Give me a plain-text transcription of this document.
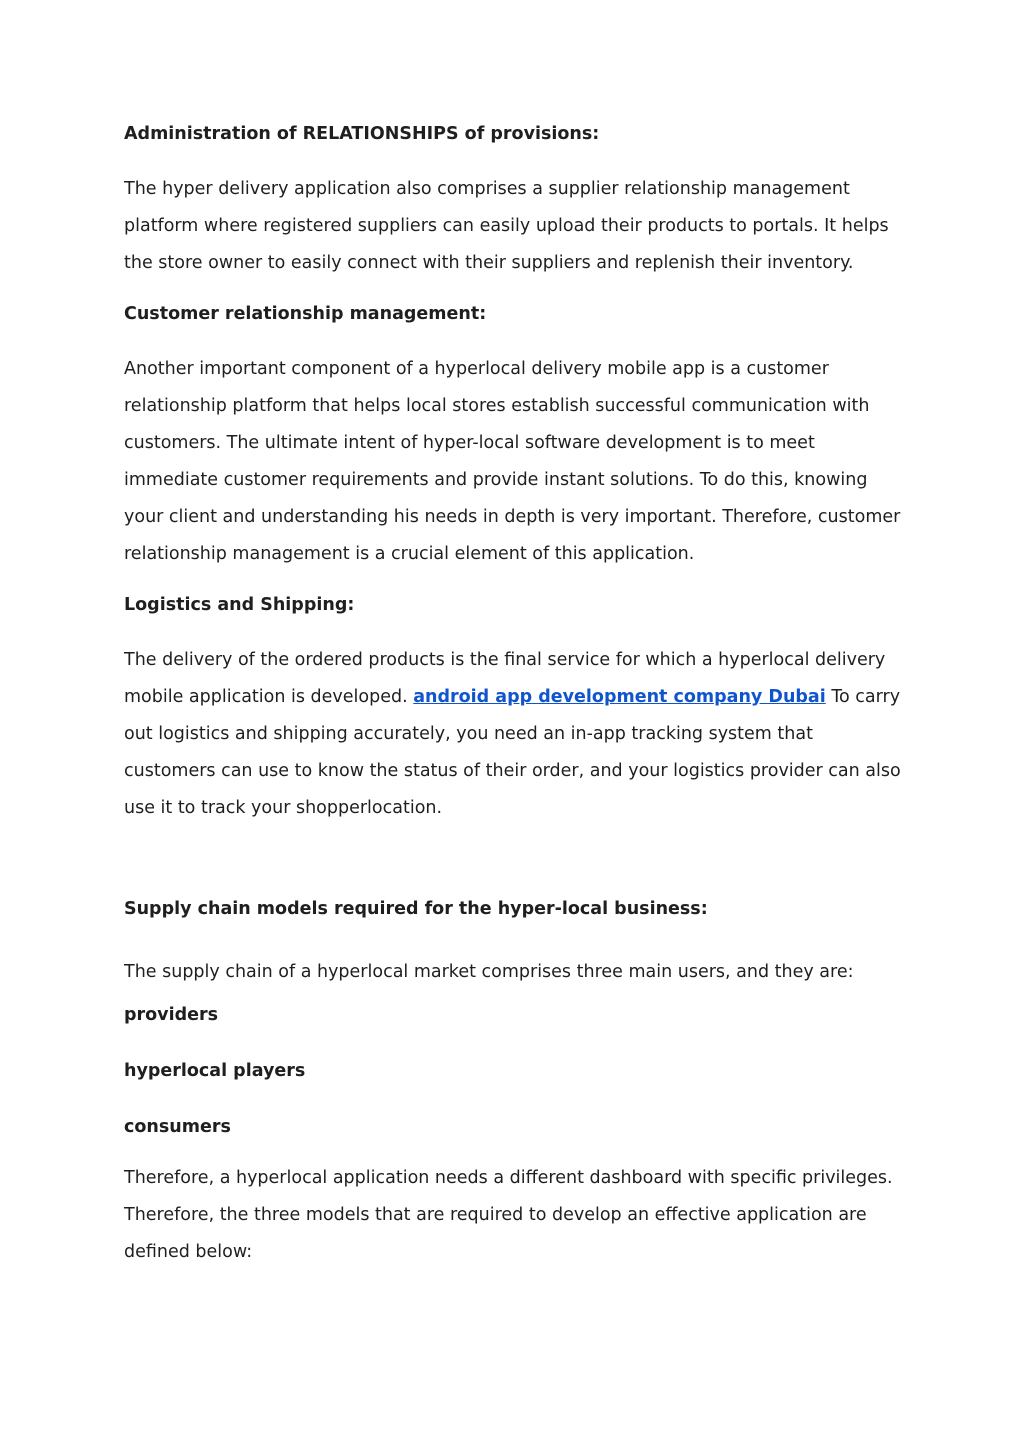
Administration of RELATIONSHIPS of provisions:

The hyper delivery application also comprises a supplier relationship management platform where registered suppliers can easily upload their products to portals. It helps the store owner to easily connect with their suppliers and replenish their inventory.

Customer relationship management:

Another important component of a hyperlocal delivery mobile app is a customer relationship platform that helps local stores establish successful communication with customers. The ultimate intent of hyper-local software development is to meet immediate customer requirements and provide instant solutions. To do this, knowing your client and understanding his needs in depth is very important. Therefore, customer relationship management is a crucial element of this application.

Logistics and Shipping:

The delivery of the ordered products is the final service for which a hyperlocal delivery mobile application is developed. android app development company Dubai To carry out logistics and shipping accurately, you need an in-app tracking system that customers can use to know the status of their order, and your logistics provider can also use it to track your shopperlocation.

Supply chain models required for the hyper-local business:

The supply chain of a hyperlocal market comprises three main users, and they are:

providers

hyperlocal players

consumers

Therefore, a hyperlocal application needs a different dashboard with specific privileges. Therefore, the three models that are required to develop an effective application are defined below:
